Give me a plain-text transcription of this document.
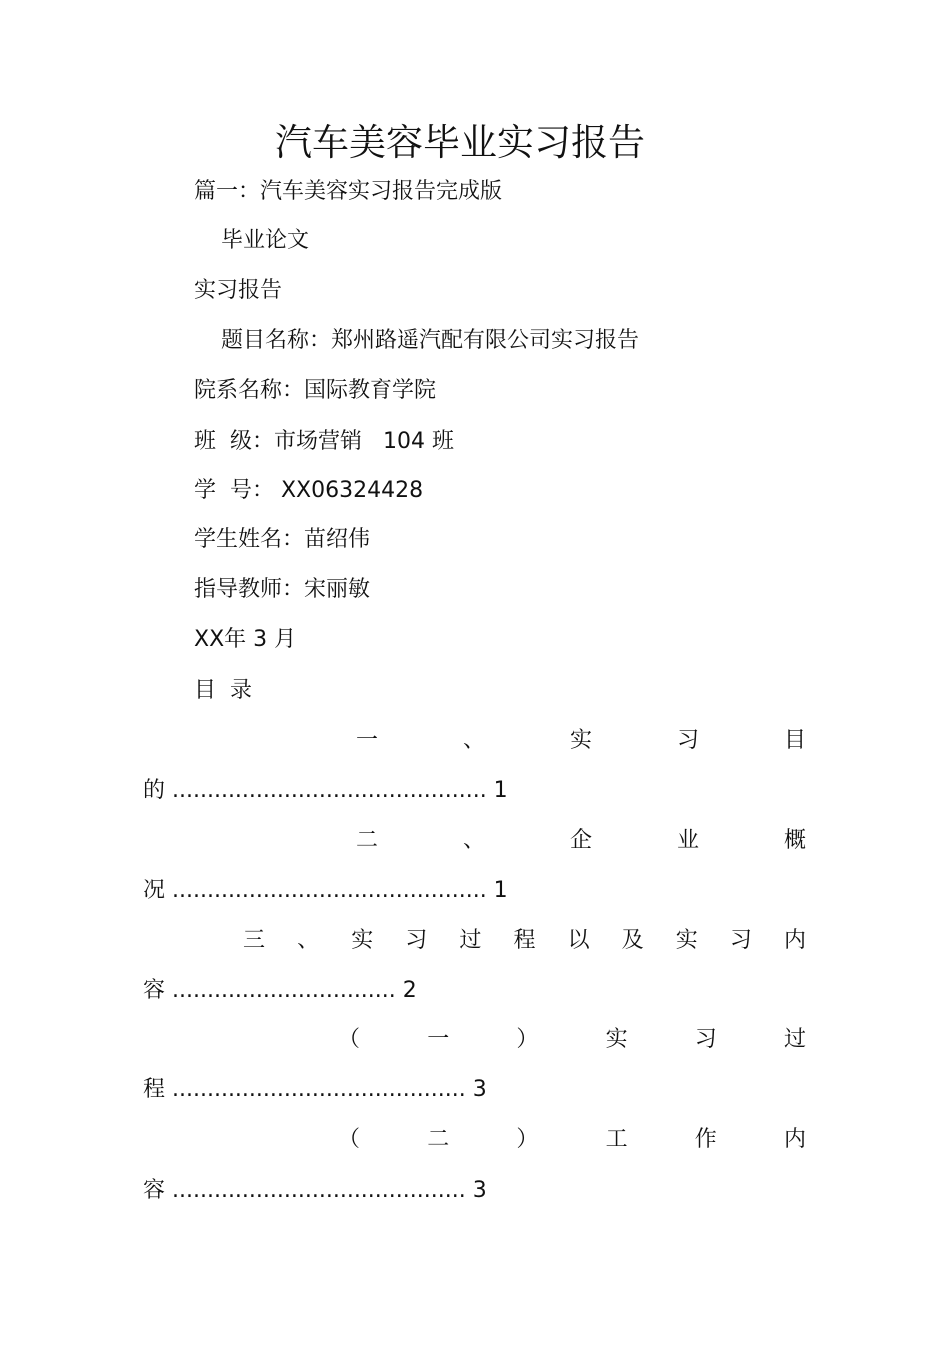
汽车美容毕业实习报告
篇一：汽车美容实习报告完成版
毕业论文
实习报告
题目名称：郑州路遥汽配有限公司实习报告
院系名称：国际教育学院
班  级：市场营销   104 班
学  号： XX06324428
学生姓名：苗绍伟
指导教师：宋丽敏
XX年 3 月
目  录
一	、	实	习	目
的 ............................................. 1
二	、	企	业	概
况 ............................................. 1
三 、 实 习 过 程 以 及 实 习 内
容 ................................ 2
（	一	）	实	习	过
程 .......................................... 3
（	二	）	工	作	内
容 .......................................... 3
